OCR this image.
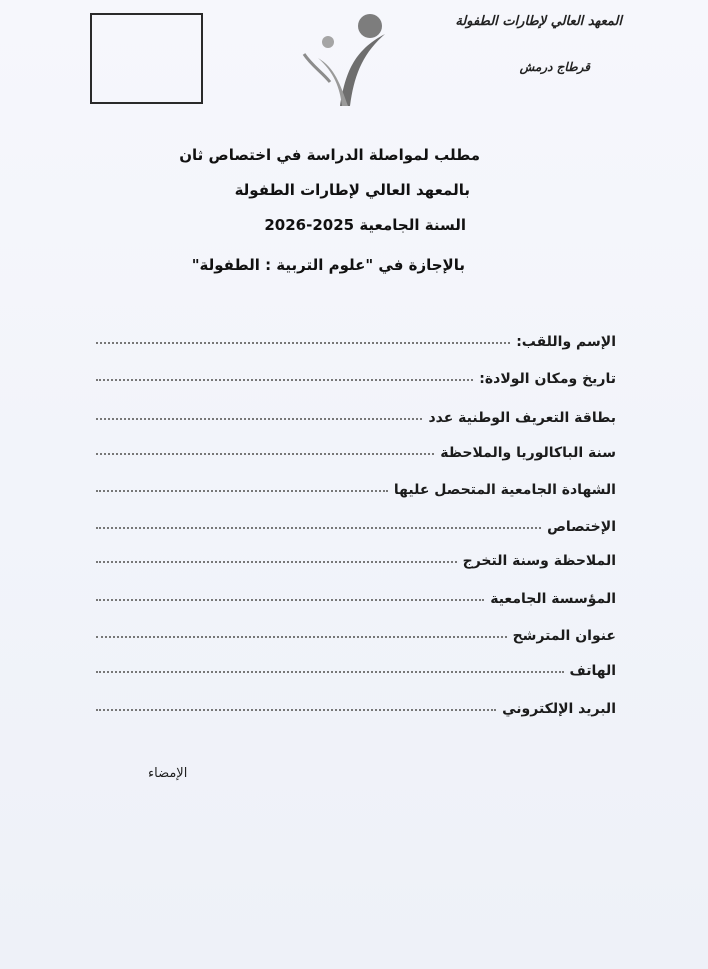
المعهد العالي لإطارات الطفولة
قرطاج درمش
مطلب لمواصلة الدراسة في اختصاص ثان
بالمعهد العالي لإطارات الطفولة
السنة الجامعية 2025-2026
بالإجازة في "علوم التربية : الطفولة"
الإسم واللقب:
تاريخ ومكان الولادة:
بطاقة التعريف الوطنية عدد
سنة الباكالوريا والملاحظة
الشهادة الجامعية المتحصل عليها
الإختصاص
الملاحظة وسنة التخرج
المؤسسة الجامعية
عنوان المترشح
الهاتف
البريد الإلكتروني
الإمضاء
